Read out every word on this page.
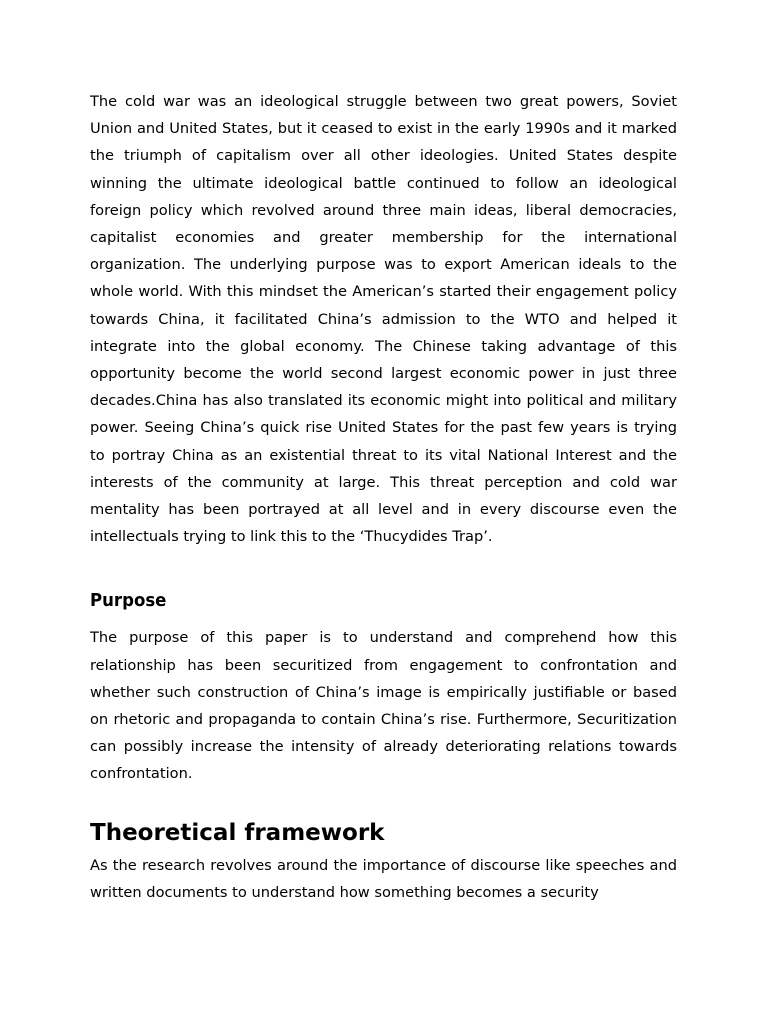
The cold war was an ideological struggle between two great powers, Soviet Union and United States, but it ceased to exist in the early 1990s and it marked the triumph of capitalism over all other ideologies. United States despite winning the ultimate ideological battle continued to follow an ideological foreign policy which revolved around three main ideas, liberal democracies, capitalist economies and greater membership for the international organization. The underlying purpose was to export American ideals to the whole world. With this mindset the American’s started their engagement policy towards China, it facilitated China’s admission to the WTO and helped it integrate into the global economy. The Chinese taking advantage of this opportunity become the world second largest economic power in just three decades.China has also translated its economic might into political and military power. Seeing China’s quick rise United States for the past few years is trying to portray China as an existential threat to its vital National Interest and the interests of the community at large. This threat perception and cold war mentality has been portrayed at all level and in every discourse even the intellectuals trying to link this to the ‘Thucydides Trap’.

Purpose

The purpose of this paper is to understand and comprehend how this relationship has been securitized from engagement to confrontation and whether such construction of China’s image is empirically justifiable or based on rhetoric and propaganda to contain China’s rise. Furthermore, Securitization can possibly increase the intensity of already deteriorating relations towards confrontation.

Theoretical framework

As the research revolves around the importance of discourse like speeches and written documents to understand how something becomes a security
